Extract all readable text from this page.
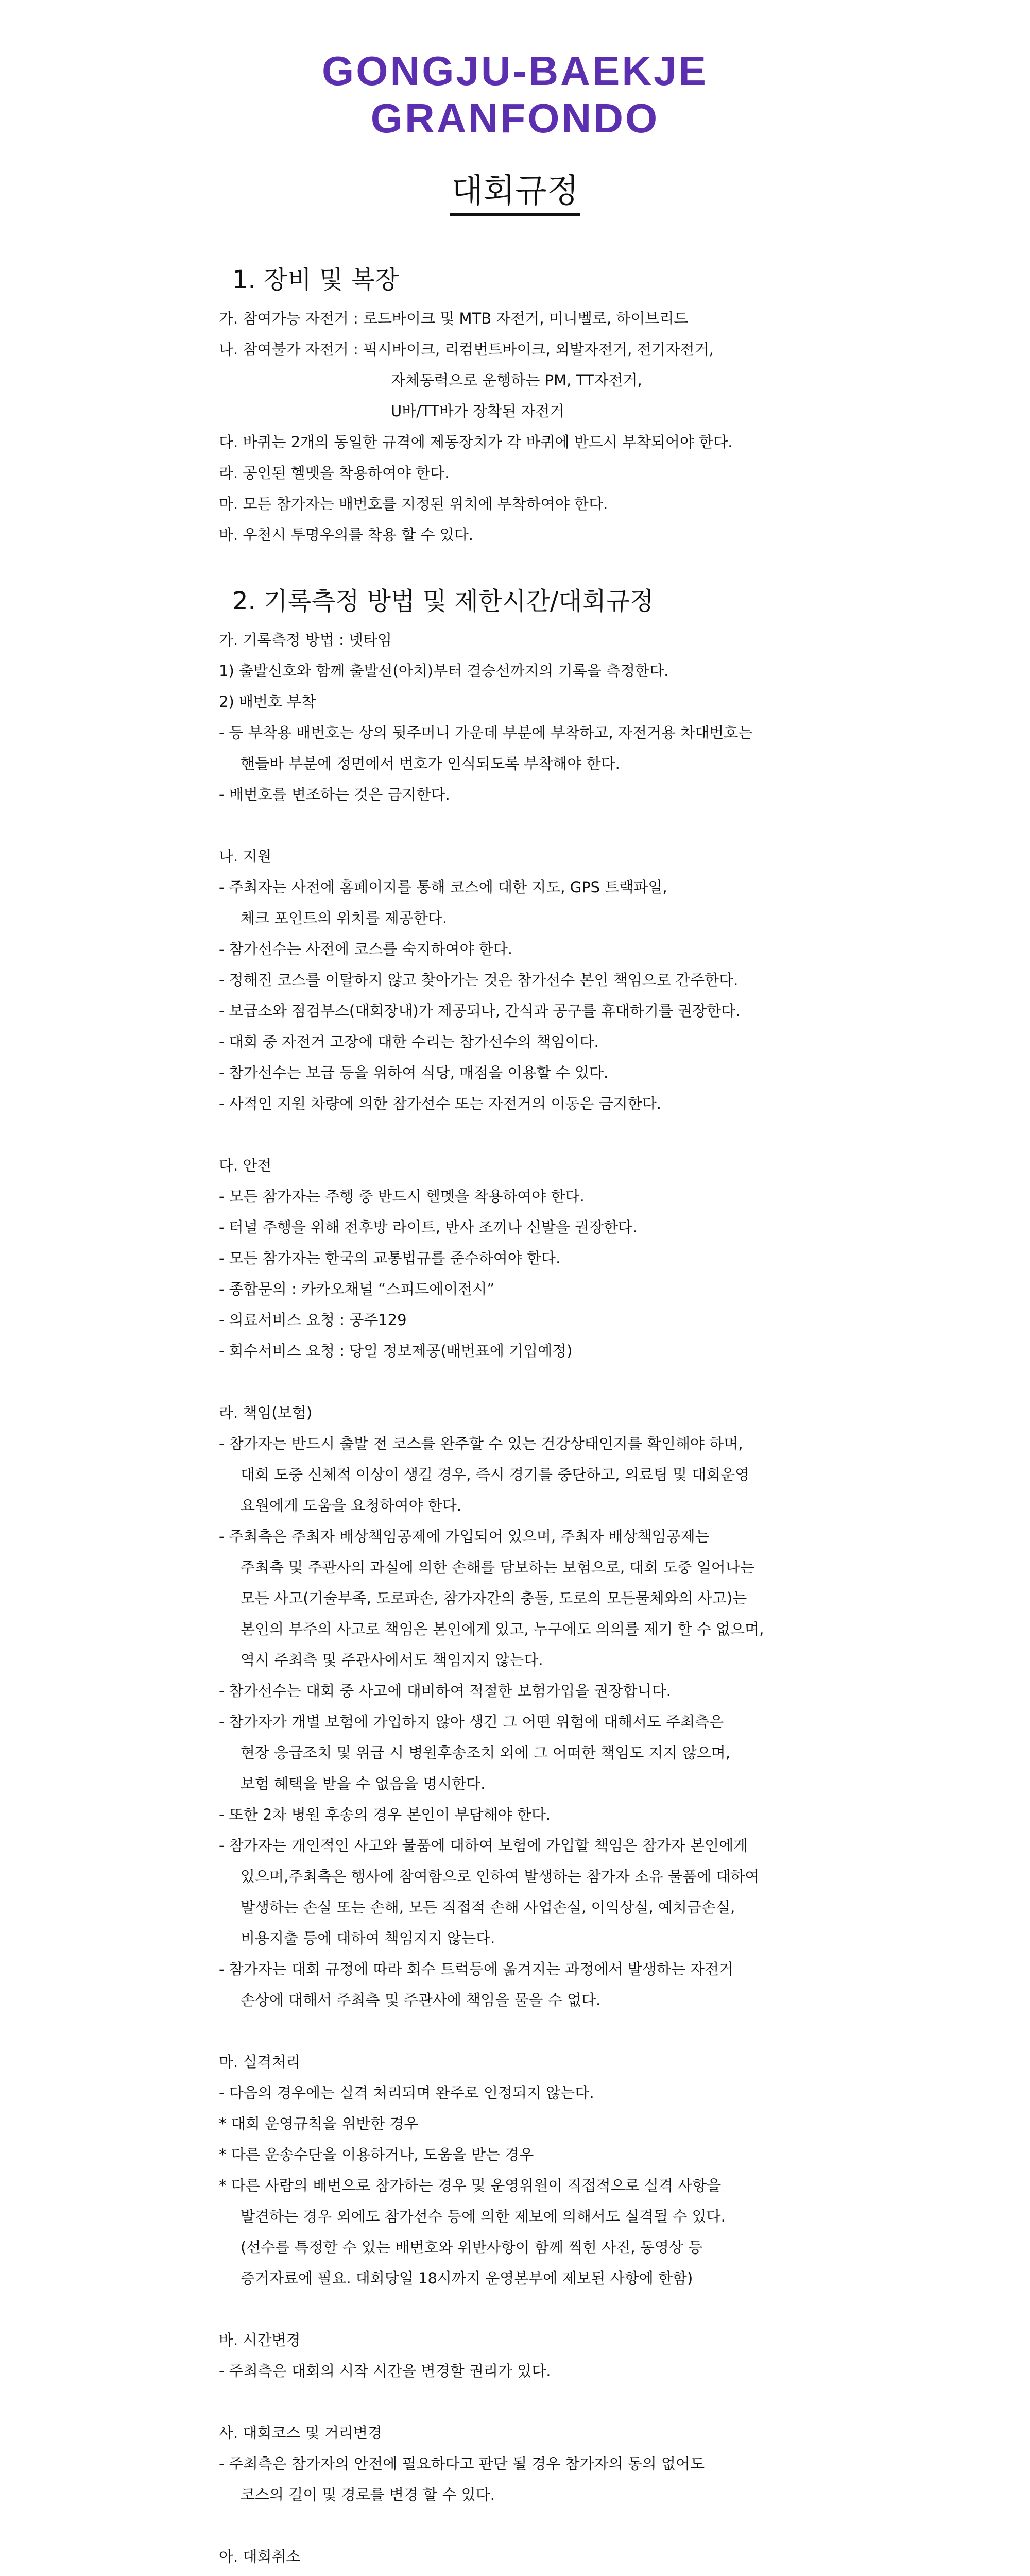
GONGJU-BAEKJE
GRANFONDO
대회규정
1. 장비 및 복장
가. 참여가능 자전거 : 로드바이크 및 MTB 자전거, 미니벨로, 하이브리드
나. 참여불가 자전거 : 픽시바이크, 리컴번트바이크, 외발자전거, 전기자전거,
자체동력으로 운행하는 PM, TT자전거,
U바/TT바가 장착된 자전거
다. 바퀴는 2개의 동일한 규격에 제동장치가 각 바퀴에 반드시 부착되어야 한다.
라. 공인된 헬멧을 착용하여야 한다.
마. 모든 참가자는 배번호를 지정된 위치에 부착하여야 한다.
바. 우천시 투명우의를 착용 할 수 있다.
2. 기록측정 방법 및 제한시간/대회규정
가. 기록측정 방법 : 넷타임
1) 출발신호와 함께 출발선(아치)부터 결승선까지의 기록을 측정한다.
2) 배번호 부착
- 등 부착용 배번호는 상의 뒷주머니 가운데 부분에 부착하고, 자전거용 차대번호는
핸들바 부분에 정면에서 번호가 인식되도록 부착해야 한다.
- 배번호를 변조하는 것은 금지한다.
나. 지원
- 주최자는 사전에 홈페이지를 통해 코스에 대한 지도, GPS 트랙파일,
체크 포인트의 위치를 제공한다.
- 참가선수는 사전에 코스를 숙지하여야 한다.
- 정해진 코스를 이탈하지 않고 찾아가는 것은 참가선수 본인 책임으로 간주한다.
- 보급소와 점검부스(대회장내)가 제공되나, 간식과 공구를 휴대하기를 권장한다.
- 대회 중 자전거 고장에 대한 수리는 참가선수의 책임이다.
- 참가선수는 보급 등을 위하여 식당, 매점을 이용할 수 있다.
- 사적인 지원 차량에 의한 참가선수 또는 자전거의 이동은 금지한다.
다. 안전
- 모든 참가자는 주행 중 반드시 헬멧을 착용하여야 한다.
- 터널 주행을 위해 전후방 라이트, 반사 조끼나 신발을 권장한다.
- 모든 참가자는 한국의 교통법규를 준수하여야 한다.
- 종합문의 : 카카오채널 “스피드에이전시”
- 의료서비스 요청 : 공주129
- 회수서비스 요청 : 당일 정보제공(배번표에 기입예정)
라. 책임(보험)
- 참가자는 반드시 출발 전 코스를 완주할 수 있는 건강상태인지를 확인해야 하며,
대회 도중 신체적 이상이 생길 경우, 즉시 경기를 중단하고, 의료팀 및 대회운영
요원에게 도움을 요청하여야 한다.
- 주최측은 주최자 배상책임공제에 가입되어 있으며, 주최자 배상책임공제는
주최측 및 주관사의 과실에 의한 손해를 담보하는 보험으로, 대회 도중 일어나는
모든 사고(기술부족, 도로파손, 참가자간의 충돌, 도로의 모든물체와의 사고)는
본인의 부주의 사고로 책임은 본인에게 있고, 누구에도 의의를 제기 할 수 없으며,
역시 주최측 및 주관사에서도 책임지지 않는다.
- 참가선수는 대회 중 사고에 대비하여 적절한 보험가입을 권장합니다.
- 참가자가 개별 보험에 가입하지 않아 생긴 그 어떤 위험에 대해서도 주최측은
현장 응급조치 및 위급 시 병원후송조치 외에 그 어떠한 책임도 지지 않으며,
보험 혜택을 받을 수 없음을 명시한다.
- 또한 2차 병원 후송의 경우 본인이 부담해야 한다.
- 참가자는 개인적인 사고와 물품에 대하여 보험에 가입할 책임은 참가자 본인에게
있으며,주최측은 행사에 참여함으로 인하여 발생하는 참가자 소유 물품에 대하여
발생하는 손실 또는 손해, 모든 직접적 손해 사업손실, 이익상실, 예치금손실,
비용지출 등에 대하여 책임지지 않는다.
- 참가자는 대회 규정에 따라 회수 트럭등에 옮겨지는 과정에서 발생하는 자전거
손상에 대해서 주최측 및 주관사에 책임을 물을 수 없다.
마. 실격처리
- 다음의 경우에는 실격 처리되며 완주로 인정되지 않는다.
* 대회 운영규칙을 위반한 경우
* 다른 운송수단을 이용하거나, 도움을 받는 경우
* 다른 사람의 배번으로 참가하는 경우 및 운영위원이 직접적으로 실격 사항을
발견하는 경우 외에도 참가선수 등에 의한 제보에 의해서도 실격될 수 있다.
(선수를 특정할 수 있는 배번호와 위반사항이 함께 찍힌 사진, 동영상 등
증거자료에 필요. 대회당일 18시까지 운영본부에 제보된 사항에 한함)
바. 시간변경
- 주최측은 대회의 시작 시간을 변경할 권리가 있다.
사. 대회코스 및 거리변경
- 주최측은 참가자의 안전에 필요하다고 판단 될 경우 참가자의 동의 없어도
코스의 길이 및 경로를 변경 할 수 있다.
아. 대회취소
